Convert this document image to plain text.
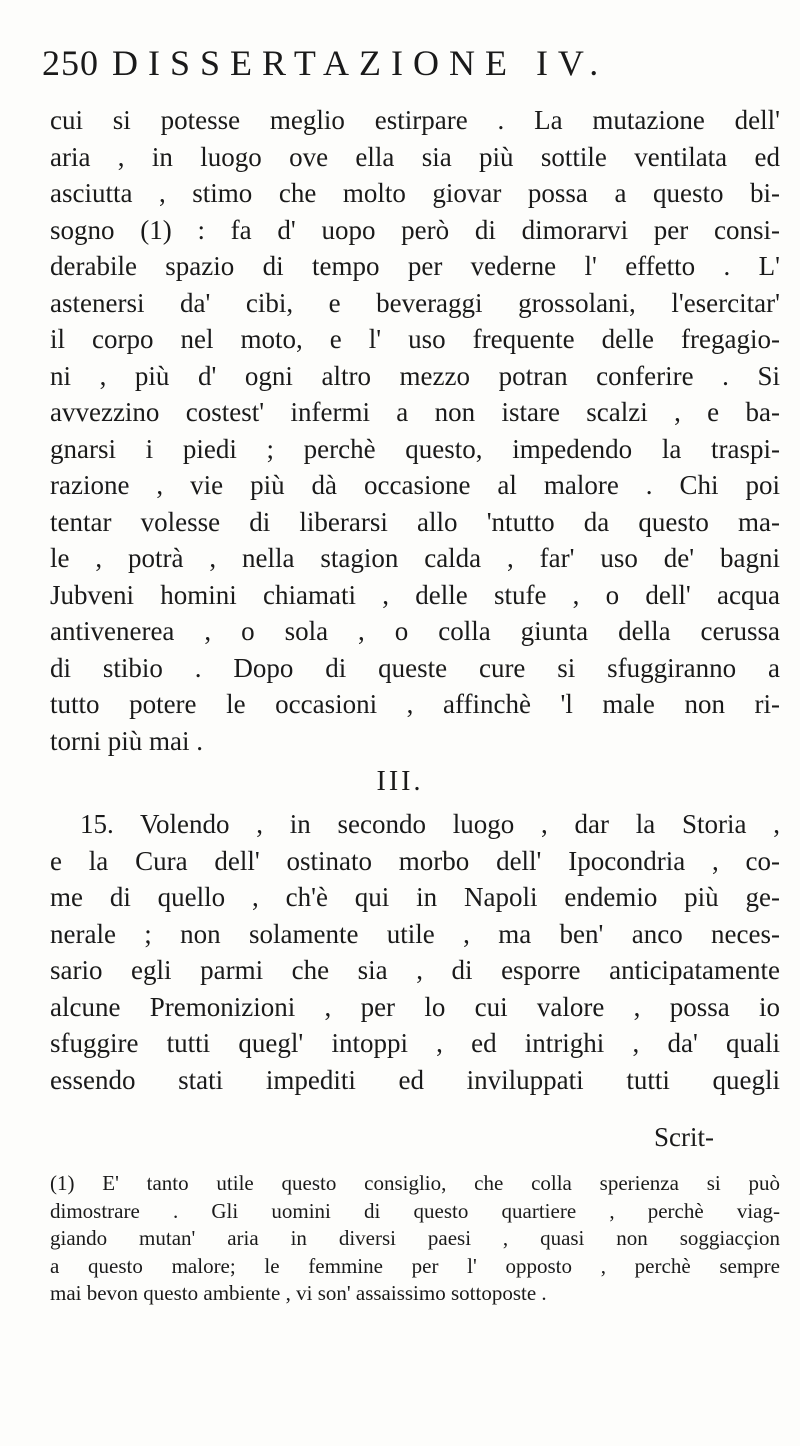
250 DISSERTAZIONE IV.
cui si potesse meglio estirpare . La mutazione dell'
aria , in luogo ove ella sia più sottile ventilata ed
asciutta , stimo che molto giovar possa a questo bi-
sogno (1) : fa d' uopo però di dimorarvi per consi-
derabile spazio di tempo per vederne l' effetto . L'
astenersi da' cibi, e beveraggi grossolani, l'esercitar'
il corpo nel moto, e l' uso frequente delle fregagio-
ni , più d' ogni altro mezzo potran conferire . Si
avvezzino costest' infermi a non istare scalzi , e ba-
gnarsi i piedi ; perchè questo, impedendo la traspi-
razione , vie più dà occasione al malore . Chi poi
tentar volesse di liberarsi allo 'ntutto da questo ma-
le , potrà , nella stagion calda , far' uso de' bagni
Jubveni homini chiamati , delle stufe , o dell' acqua
antivenerea , o sola , o colla giunta della cerussa
di stibio . Dopo di queste cure si sfuggiranno a
tutto potere le occasioni , affinchè 'l male non ri-
torni più mai .
III.
15. Volendo , in secondo luogo , dar la Storia ,
e la Cura dell' ostinato morbo dell' Ipocondria , co-
me di quello , ch'è qui in Napoli endemio più ge-
nerale ; non solamente utile , ma ben' anco neces-
sario egli parmi che sia , di esporre anticipatamente
alcune Premonizioni , per lo cui valore , possa io
sfuggire tutti quegl' intoppi , ed intrighi , da' quali
essendo stati impediti ed inviluppati tutti quegli
Scrit-
(1) E' tanto utile questo consiglio, che colla sperienza si può
dimostrare . Gli uomini di questo quartiere , perchè viag-
giando mutan' aria in diversi paesi , quasi non soggiacçion
a questo malore; le femmine per l' opposto , perchè sempre
mai bevon questo ambiente , vi son' assaissimo sottoposte .
